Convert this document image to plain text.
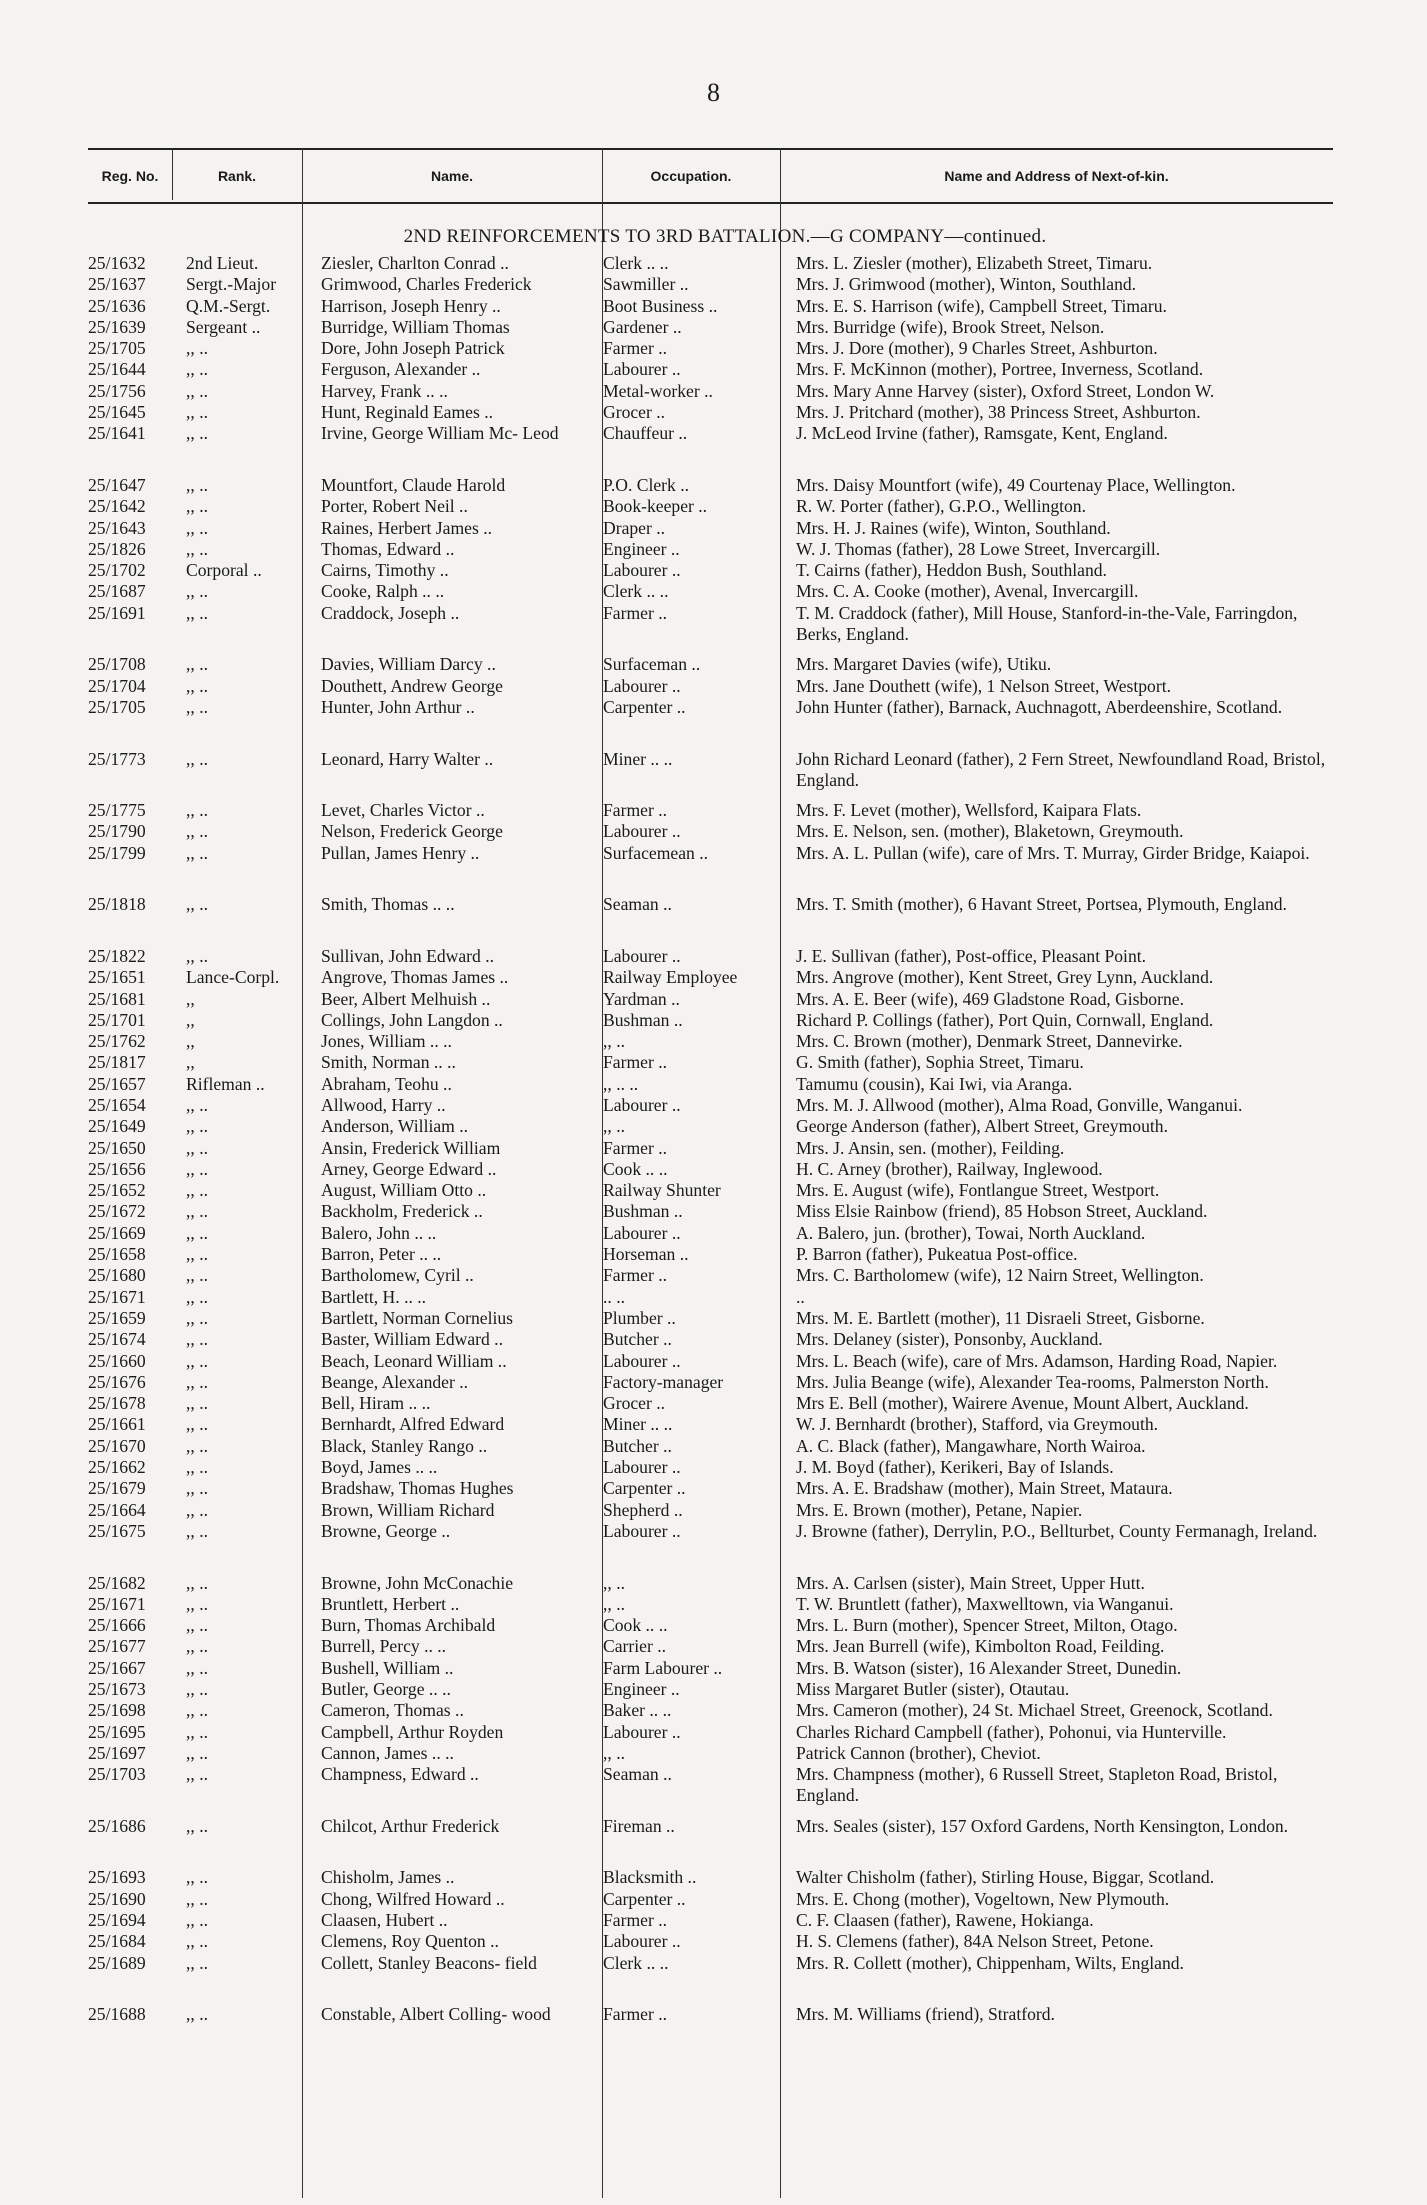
8
Reg. No.	Rank.	Name.	Occupation.	Name and Address of Next-of-kin.
2ND REINFORCEMENTS TO 3RD BATTALION.—G COMPANY—continued.
25/1632	2nd Lieut.	Ziesler, Charlton Conrad ..	Clerk .. ..	Mrs. L. Ziesler (mother), Elizabeth Street, Timaru.
25/1637	Sergt.-Major	Grimwood, Charles Frederick	Sawmiller ..	Mrs. J. Grimwood (mother), Winton, Southland.
25/1636	Q.M.-Sergt.	Harrison, Joseph Henry ..	Boot Business ..	Mrs. E. S. Harrison (wife), Campbell Street, Timaru.
25/1639	Sergeant ..	Burridge, William Thomas	Gardener ..	Mrs. Burridge (wife), Brook Street, Nelson.
25/1705	,, ..	Dore, John Joseph Patrick	Farmer ..	Mrs. J. Dore (mother), 9 Charles Street, Ashburton.
25/1644	,, ..	Ferguson, Alexander ..	Labourer ..	Mrs. F. McKinnon (mother), Portree, Inverness, Scotland.
25/1756	,, ..	Harvey, Frank .. ..	Metal-worker ..	Mrs. Mary Anne Harvey (sister), Oxford Street, London W.
25/1645	,, ..	Hunt, Reginald Eames ..	Grocer ..	Mrs. J. Pritchard (mother), 38 Princess Street, Ashburton.
25/1641	,, ..	Irvine, George William Mc- Leod	Chauffeur ..	J. McLeod Irvine (father), Ramsgate, Kent, England.
25/1647	,, ..	Mountfort, Claude Harold	P.O. Clerk ..	Mrs. Daisy Mountfort (wife), 49 Courtenay Place, Wellington.
25/1642	,, ..	Porter, Robert Neil ..	Book-keeper ..	R. W. Porter (father), G.P.O., Wellington.
25/1643	,, ..	Raines, Herbert James ..	Draper ..	Mrs. H. J. Raines (wife), Winton, Southland.
25/1826	,, ..	Thomas, Edward ..	Engineer ..	W. J. Thomas (father), 28 Lowe Street, Invercargill.
25/1702	Corporal ..	Cairns, Timothy ..	Labourer ..	T. Cairns (father), Heddon Bush, Southland.
25/1687	,, ..	Cooke, Ralph .. ..	Clerk .. ..	Mrs. C. A. Cooke (mother), Avenal, Invercargill.
25/1691	,, ..	Craddock, Joseph ..	Farmer ..	T. M. Craddock (father), Mill House, Stanford-in-the-Vale, Farringdon, Berks, England.
25/1708	,, ..	Davies, William Darcy ..	Surfaceman ..	Mrs. Margaret Davies (wife), Utiku.
25/1704	,, ..	Douthett, Andrew George	Labourer ..	Mrs. Jane Douthett (wife), 1 Nelson Street, Westport.
25/1705	,, ..	Hunter, John Arthur ..	Carpenter ..	John Hunter (father), Barnack, Auchnagott, Aberdeenshire, Scotland.
25/1773	,, ..	Leonard, Harry Walter ..	Miner .. ..	John Richard Leonard (father), 2 Fern Street, Newfoundland Road, Bristol, England.
25/1775	,, ..	Levet, Charles Victor ..	Farmer ..	Mrs. F. Levet (mother), Wellsford, Kaipara Flats.
25/1790	,, ..	Nelson, Frederick George	Labourer ..	Mrs. E. Nelson, sen. (mother), Blaketown, Greymouth.
25/1799	,, ..	Pullan, James Henry ..	Surfacemean ..	Mrs. A. L. Pullan (wife), care of Mrs. T. Murray, Girder Bridge, Kaiapoi.
25/1818	,, ..	Smith, Thomas .. ..	Seaman ..	Mrs. T. Smith (mother), 6 Havant Street, Portsea, Plymouth, England.
25/1822	,, ..	Sullivan, John Edward ..	Labourer ..	J. E. Sullivan (father), Post-office, Pleasant Point.
25/1651	Lance-Corpl.	Angrove, Thomas James ..	Railway Employee	Mrs. Angrove (mother), Kent Street, Grey Lynn, Auckland.
25/1681	,,	Beer, Albert Melhuish ..	Yardman ..	Mrs. A. E. Beer (wife), 469 Gladstone Road, Gisborne.
25/1701	,,	Collings, John Langdon ..	Bushman ..	Richard P. Collings (father), Port Quin, Cornwall, England.
25/1762	,,	Jones, William .. ..	,, ..	Mrs. C. Brown (mother), Denmark Street, Dannevirke.
25/1817	,,	Smith, Norman .. ..	Farmer ..	G. Smith (father), Sophia Street, Timaru.
25/1657	Rifleman ..	Abraham, Teohu ..	,, .. ..	Tamumu (cousin), Kai Iwi, via Aranga.
25/1654	,, ..	Allwood, Harry ..	Labourer ..	Mrs. M. J. Allwood (mother), Alma Road, Gonville, Wanganui.
25/1649	,, ..	Anderson, William ..	,, ..	George Anderson (father), Albert Street, Greymouth.
25/1650	,, ..	Ansin, Frederick William	Farmer ..	Mrs. J. Ansin, sen. (mother), Feilding.
25/1656	,, ..	Arney, George Edward ..	Cook .. ..	H. C. Arney (brother), Railway, Inglewood.
25/1652	,, ..	August, William Otto ..	Railway Shunter	Mrs. E. August (wife), Fontlangue Street, Westport.
25/1672	,, ..	Backholm, Frederick ..	Bushman ..	Miss Elsie Rainbow (friend), 85 Hobson Street, Auckland.
25/1669	,, ..	Balero, John .. ..	Labourer ..	A. Balero, jun. (brother), Towai, North Auckland.
25/1658	,, ..	Barron, Peter .. ..	Horseman ..	P. Barron (father), Pukeatua Post-office.
25/1680	,, ..	Bartholomew, Cyril ..	Farmer ..	Mrs. C. Bartholomew (wife), 12 Nairn Street, Wellington.
25/1671	,, ..	Bartlett, H. .. ..	.. ..	..
25/1659	,, ..	Bartlett, Norman Cornelius	Plumber ..	Mrs. M. E. Bartlett (mother), 11 Disraeli Street, Gisborne.
25/1674	,, ..	Baster, William Edward ..	Butcher ..	Mrs. Delaney (sister), Ponsonby, Auckland.
25/1660	,, ..	Beach, Leonard William ..	Labourer ..	Mrs. L. Beach (wife), care of Mrs. Adamson, Harding Road, Napier.
25/1676	,, ..	Beange, Alexander ..	Factory-manager	Mrs. Julia Beange (wife), Alexander Tea-rooms, Palmerston North.
25/1678	,, ..	Bell, Hiram .. ..	Grocer ..	Mrs E. Bell (mother), Wairere Avenue, Mount Albert, Auckland.
25/1661	,, ..	Bernhardt, Alfred Edward	Miner .. ..	W. J. Bernhardt (brother), Stafford, via Greymouth.
25/1670	,, ..	Black, Stanley Rango ..	Butcher ..	A. C. Black (father), Mangawhare, North Wairoa.
25/1662	,, ..	Boyd, James .. ..	Labourer ..	J. M. Boyd (father), Kerikeri, Bay of Islands.
25/1679	,, ..	Bradshaw, Thomas Hughes	Carpenter ..	Mrs. A. E. Bradshaw (mother), Main Street, Mataura.
25/1664	,, ..	Brown, William Richard	Shepherd ..	Mrs. E. Brown (mother), Petane, Napier.
25/1675	,, ..	Browne, George ..	Labourer ..	J. Browne (father), Derrylin, P.O., Bellturbet, County Fermanagh, Ireland.
25/1682	,, ..	Browne, John McConachie	,, ..	Mrs. A. Carlsen (sister), Main Street, Upper Hutt.
25/1671	,, ..	Bruntlett, Herbert ..	,, ..	T. W. Bruntlett (father), Maxwelltown, via Wanganui.
25/1666	,, ..	Burn, Thomas Archibald	Cook .. ..	Mrs. L. Burn (mother), Spencer Street, Milton, Otago.
25/1677	,, ..	Burrell, Percy .. ..	Carrier ..	Mrs. Jean Burrell (wife), Kimbolton Road, Feilding.
25/1667	,, ..	Bushell, William ..	Farm Labourer ..	Mrs. B. Watson (sister), 16 Alexander Street, Dunedin.
25/1673	,, ..	Butler, George .. ..	Engineer ..	Miss Margaret Butler (sister), Otautau.
25/1698	,, ..	Cameron, Thomas ..	Baker .. ..	Mrs. Cameron (mother), 24 St. Michael Street, Greenock, Scotland.
25/1695	,, ..	Campbell, Arthur Royden	Labourer ..	Charles Richard Campbell (father), Pohonui, via Hunterville.
25/1697	,, ..	Cannon, James .. ..	,, ..	Patrick Cannon (brother), Cheviot.
25/1703	,, ..	Champness, Edward ..	Seaman ..	Mrs. Champness (mother), 6 Russell Street, Stapleton Road, Bristol, England.
25/1686	,, ..	Chilcot, Arthur Frederick	Fireman ..	Mrs. Seales (sister), 157 Oxford Gardens, North Kensington, London.
25/1693	,, ..	Chisholm, James ..	Blacksmith ..	Walter Chisholm (father), Stirling House, Biggar, Scotland.
25/1690	,, ..	Chong, Wilfred Howard ..	Carpenter ..	Mrs. E. Chong (mother), Vogeltown, New Plymouth.
25/1694	,, ..	Claasen, Hubert ..	Farmer ..	C. F. Claasen (father), Rawene, Hokianga.
25/1684	,, ..	Clemens, Roy Quenton ..	Labourer ..	H. S. Clemens (father), 84A Nelson Street, Petone.
25/1689	,, ..	Collett, Stanley Beacons- field	Clerk .. ..	Mrs. R. Collett (mother), Chippenham, Wilts, England.
25/1688	,, ..	Constable, Albert Colling- wood	Farmer ..	Mrs. M. Williams (friend), Stratford.
